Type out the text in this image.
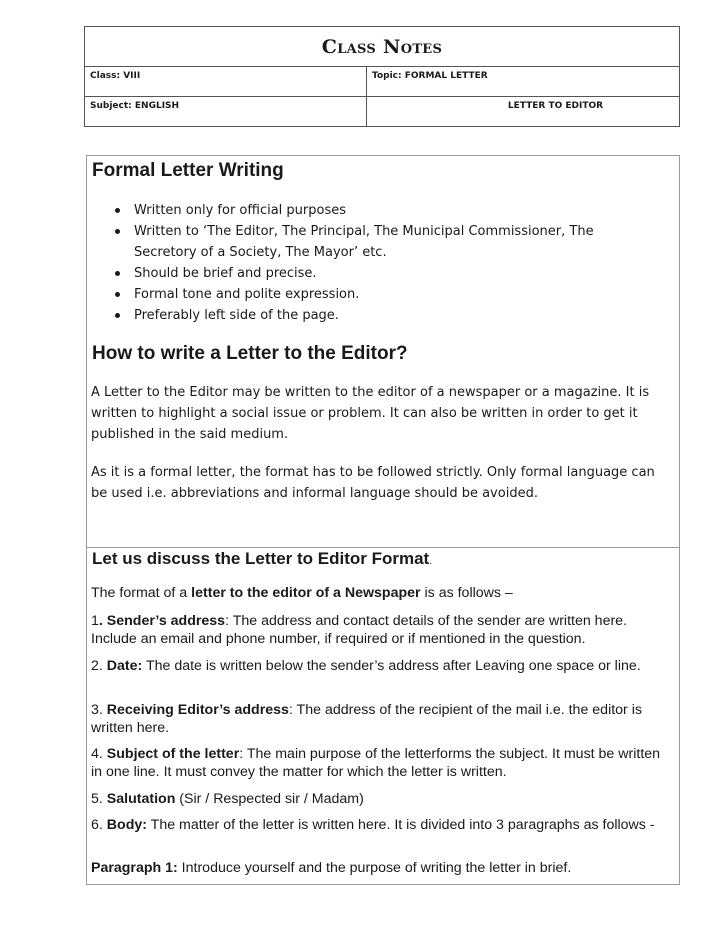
Class Notes
Class: VIII	Topic: FORMAL LETTER
Subject: ENGLISH	LETTER TO EDITOR
Formal Letter Writing
Written only for official purposes
Written to ‘The Editor, The Principal, The Municipal Commissioner, The Secretory of a Society, The Mayor’ etc.
Should be brief and precise.
Formal tone and polite expression.
Preferably left side of the page.
How to write a Letter to the Editor?

A Letter to the Editor may be written to the editor of a newspaper or a magazine. It is written to highlight a social issue or problem. It can also be written in order to get it published in the said medium.

As it is a formal letter, the format has to be followed strictly. Only formal language can be used i.e. abbreviations and informal language should be avoided.

Let us discuss the Letter to Editor Format.

The format of a letter to the editor of a Newspaper is as follows –

1. Sender’s address: The address and contact details of the sender are written here. Include an email and phone number, if required or if mentioned in the question.

2. Date: The date is written below the sender’s address after Leaving one space or line.

3. Receiving Editor’s address: The address of the recipient of the mail i.e. the editor is written here.

4. Subject of the letter: The main purpose of the letterforms the subject. It must be written in one line. It must convey the matter for which the letter is written.

5. Salutation (Sir / Respected sir / Madam)

6. Body: The matter of the letter is written here. It is divided into 3 paragraphs as follows -

Paragraph 1: Introduce yourself and the purpose of writing the letter in brief.
